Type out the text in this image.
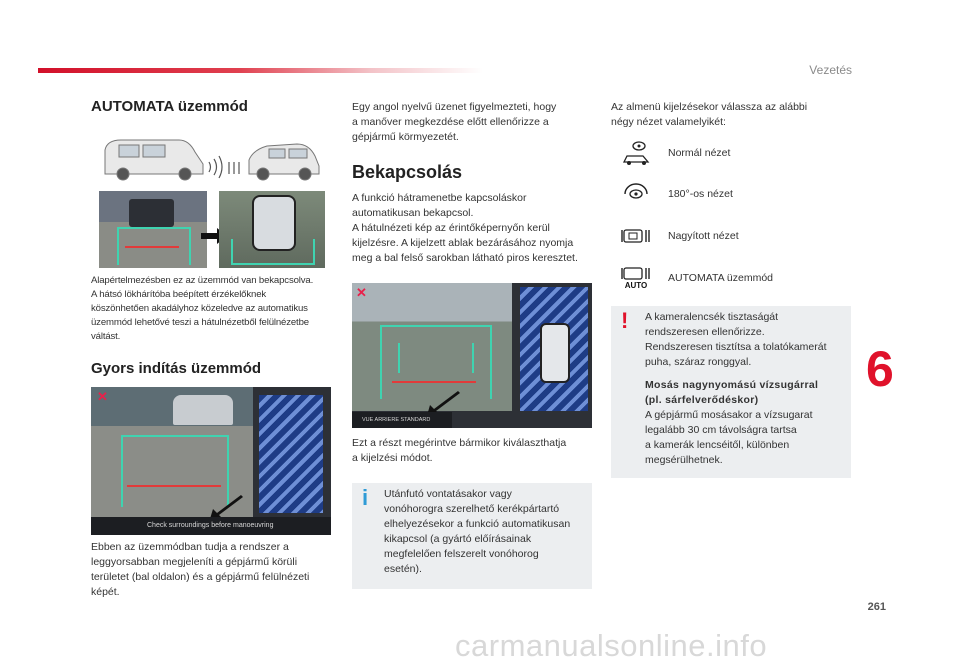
Vezetés
6
261
carmanualsonline.info
AUTOMATA üzemmód
Alapértelmezésben ez az üzemmód van bekapcsolva.
A hátsó lökhárítóba beépített érzékelőknek
köszönhetően akadályhoz közeledve az automatikus
üzemmód lehetővé teszi a hátulnézetből felülnézetbe
váltást.
Gyors indítás üzemmód
✕
Check surroundings before manoeuvring
Ebben az üzemmódban tudja a rendszer a
leggyorsabban megjeleníti a gépjármű körüli
területet (bal oldalon) és a gépjármű felülnézeti
képét.
Egy angol nyelvű üzenet figyelmezteti, hogy
a manőver megkezdése előtt ellenőrizze a
gépjármű körmyezetét.
Bekapcsolás
A funkció hátramenetbe kapcsoláskor
automatikusan bekapcsol.
A hátulnézeti kép az érintőképernyőn kerül
kijelzésre. A kijelzett ablak bezárásához nyomja
meg a bal felső sarokban látható piros keresztet.
✕
VUE ARRIERE STANDARD
Ezt a részt megérintve bármikor kiválaszthatja
a kijelzési módot.
i Utánfutó vontatásakor vagy
vonóhorogra szerelhető kerékpártartó
elhelyezésekor a funkció automatikusan
kikapcsol (a gyártó előírásainak
megfelelően felszerelt vonóhorog
esetén).
Az almenü kijelzésekor válassza az alábbi
négy nézet valamelyikét:
Normál nézet
180°-os nézet
Nagyított nézet
AUTO
AUTOMATA üzemmód
! A kameralencsék tisztaságát
rendszeresen ellenőrizze.
Rendszeresen tisztítsa a tolatókamerát
puha, száraz ronggyal.
Mosás nagynyomású vízsugárral
(pl. sárfelverődéskor)
A gépjármű mosásakor a vízsugarat
legalább 30 cm távolságra tartsa
a kamerák lencséitől, különben
megsérülhetnek.
